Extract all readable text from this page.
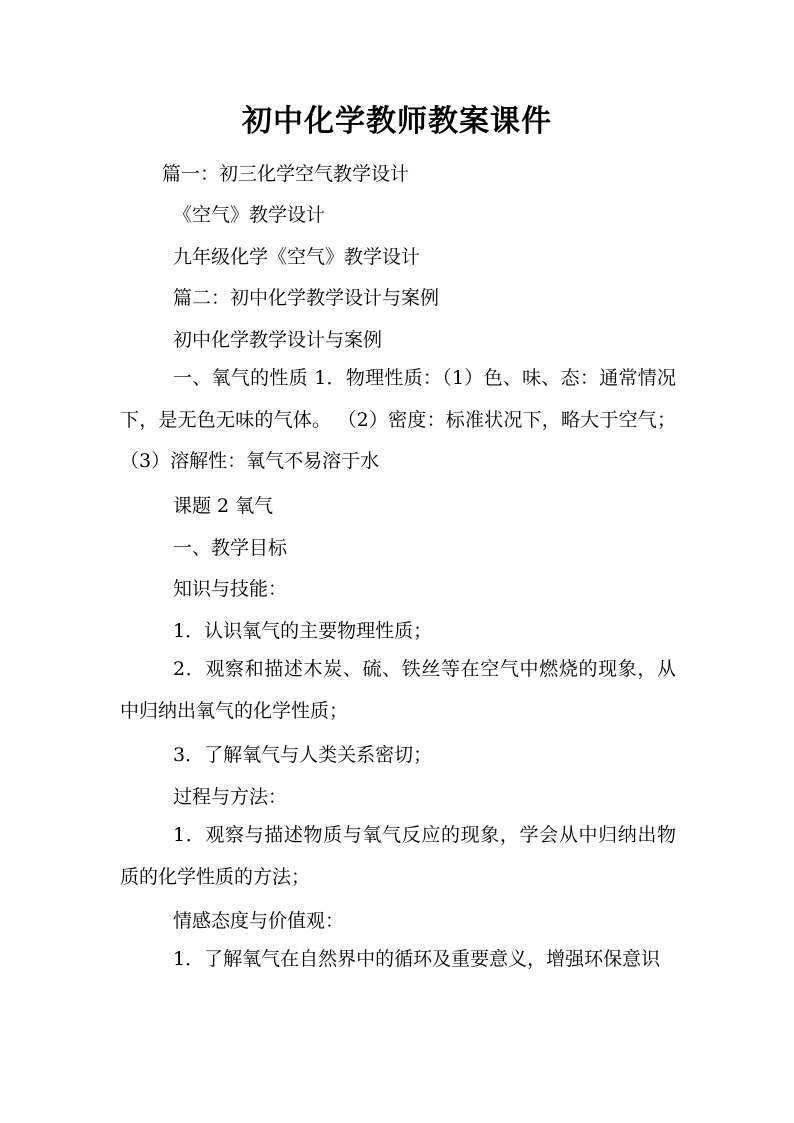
初中化学教师教案课件

篇一：初三化学空气教学设计

《空气》教学设计

九年级化学《空气》教学设计

篇二：初中化学教学设计与案例

初中化学教学设计与案例

一、氧气的性质 1．物理性质：（1）色、味、态：通常情况下，是无色无味的气体。 （2）密度：标准状况下，略大于空气； （3）溶解性：氧气不易溶于水

课题 2 氧气

一、教学目标

知识与技能：

1．认识氧气的主要物理性质；

2．观察和描述木炭、硫、铁丝等在空气中燃烧的现象，从中归纳出氧气的化学性质；

3．了解氧气与人类关系密切；

过程与方法：

1．观察与描述物质与氧气反应的现象，学会从中归纳出物质的化学性质的方法；

情感态度与价值观：

1．了解氧气在自然界中的循环及重要意义，增强环保意识
